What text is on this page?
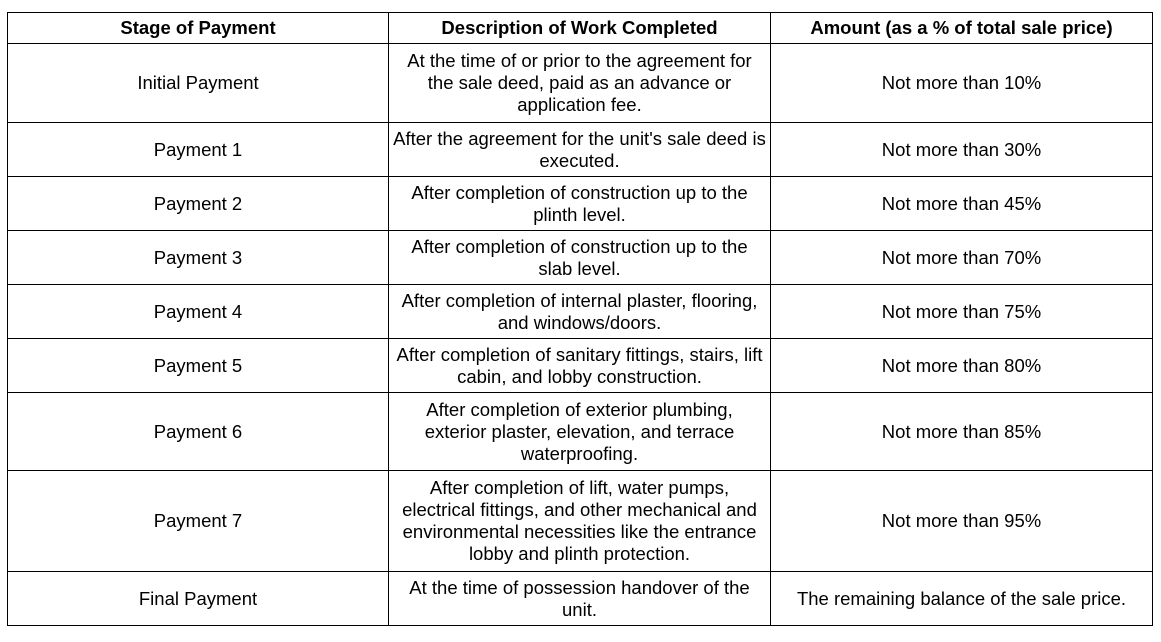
Stage of Payment	Description of Work Completed	Amount (as a % of total sale price)
Initial Payment	At the time of or prior to the agreement for the sale deed, paid as an advance or application fee.	Not more than 10%
Payment 1	After the agreement for the unit's sale deed is executed.	Not more than 30%
Payment 2	After completion of construction up to the plinth level.	Not more than 45%
Payment 3	After completion of construction up to the slab level.	Not more than 70%
Payment 4	After completion of internal plaster, flooring, and windows/doors.	Not more than 75%
Payment 5	After completion of sanitary fittings, stairs, lift cabin, and lobby construction.	Not more than 80%
Payment 6	After completion of exterior plumbing, exterior plaster, elevation, and terrace waterproofing.	Not more than 85%
Payment 7	After completion of lift, water pumps, electrical fittings, and other mechanical and environmental necessities like the entrance lobby and plinth protection.	Not more than 95%
Final Payment	At the time of possession handover of the unit.	The remaining balance of the sale price.
